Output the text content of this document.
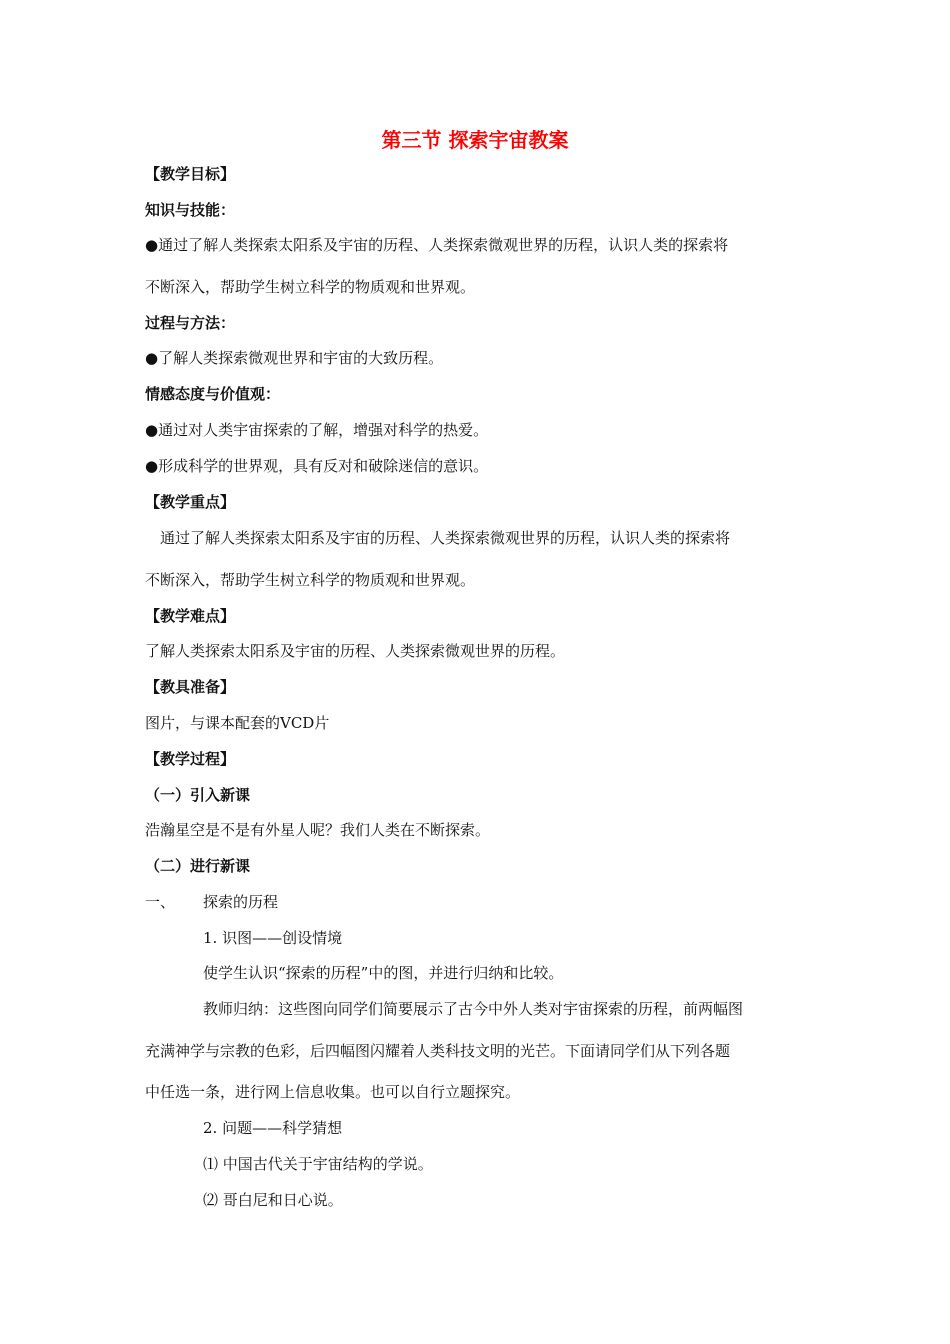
第三节 探索宇宙教案
【教学目标】
知识与技能：
●通过了解人类探索太阳系及宇宙的历程、人类探索微观世界的历程，认识人类的探索将
不断深入，帮助学生树立科学的物质观和世界观。
过程与方法：
●了解人类探索微观世界和宇宙的大致历程。
情感态度与价值观：
●通过对人类宇宙探索的了解，增强对科学的热爱。
●形成科学的世界观，具有反对和破除迷信的意识。
【教学重点】
通过了解人类探索太阳系及宇宙的历程、人类探索微观世界的历程，认识人类的探索将
不断深入，帮助学生树立科学的物质观和世界观。
【教学难点】
了解人类探索太阳系及宇宙的历程、人类探索微观世界的历程。
【教具准备】
图片，与课本配套的VCD片
【教学过程】
（一）引入新课
浩瀚星空是不是有外星人呢？我们人类在不断探索。
（二）进行新课
一、 探索的历程
1. 识图——创设情境
使学生认识“探索的历程”中的图，并进行归纳和比较。
教师归纳：这些图向同学们简要展示了古今中外人类对宇宙探索的历程，前两幅图
充满神学与宗教的色彩，后四幅图闪耀着人类科技文明的光芒。下面请同学们从下列各题
中任选一条，进行网上信息收集。也可以自行立题探究。
2. 问题——科学猜想
⑴ 中国古代关于宇宙结构的学说。
⑵ 哥白尼和日心说。
